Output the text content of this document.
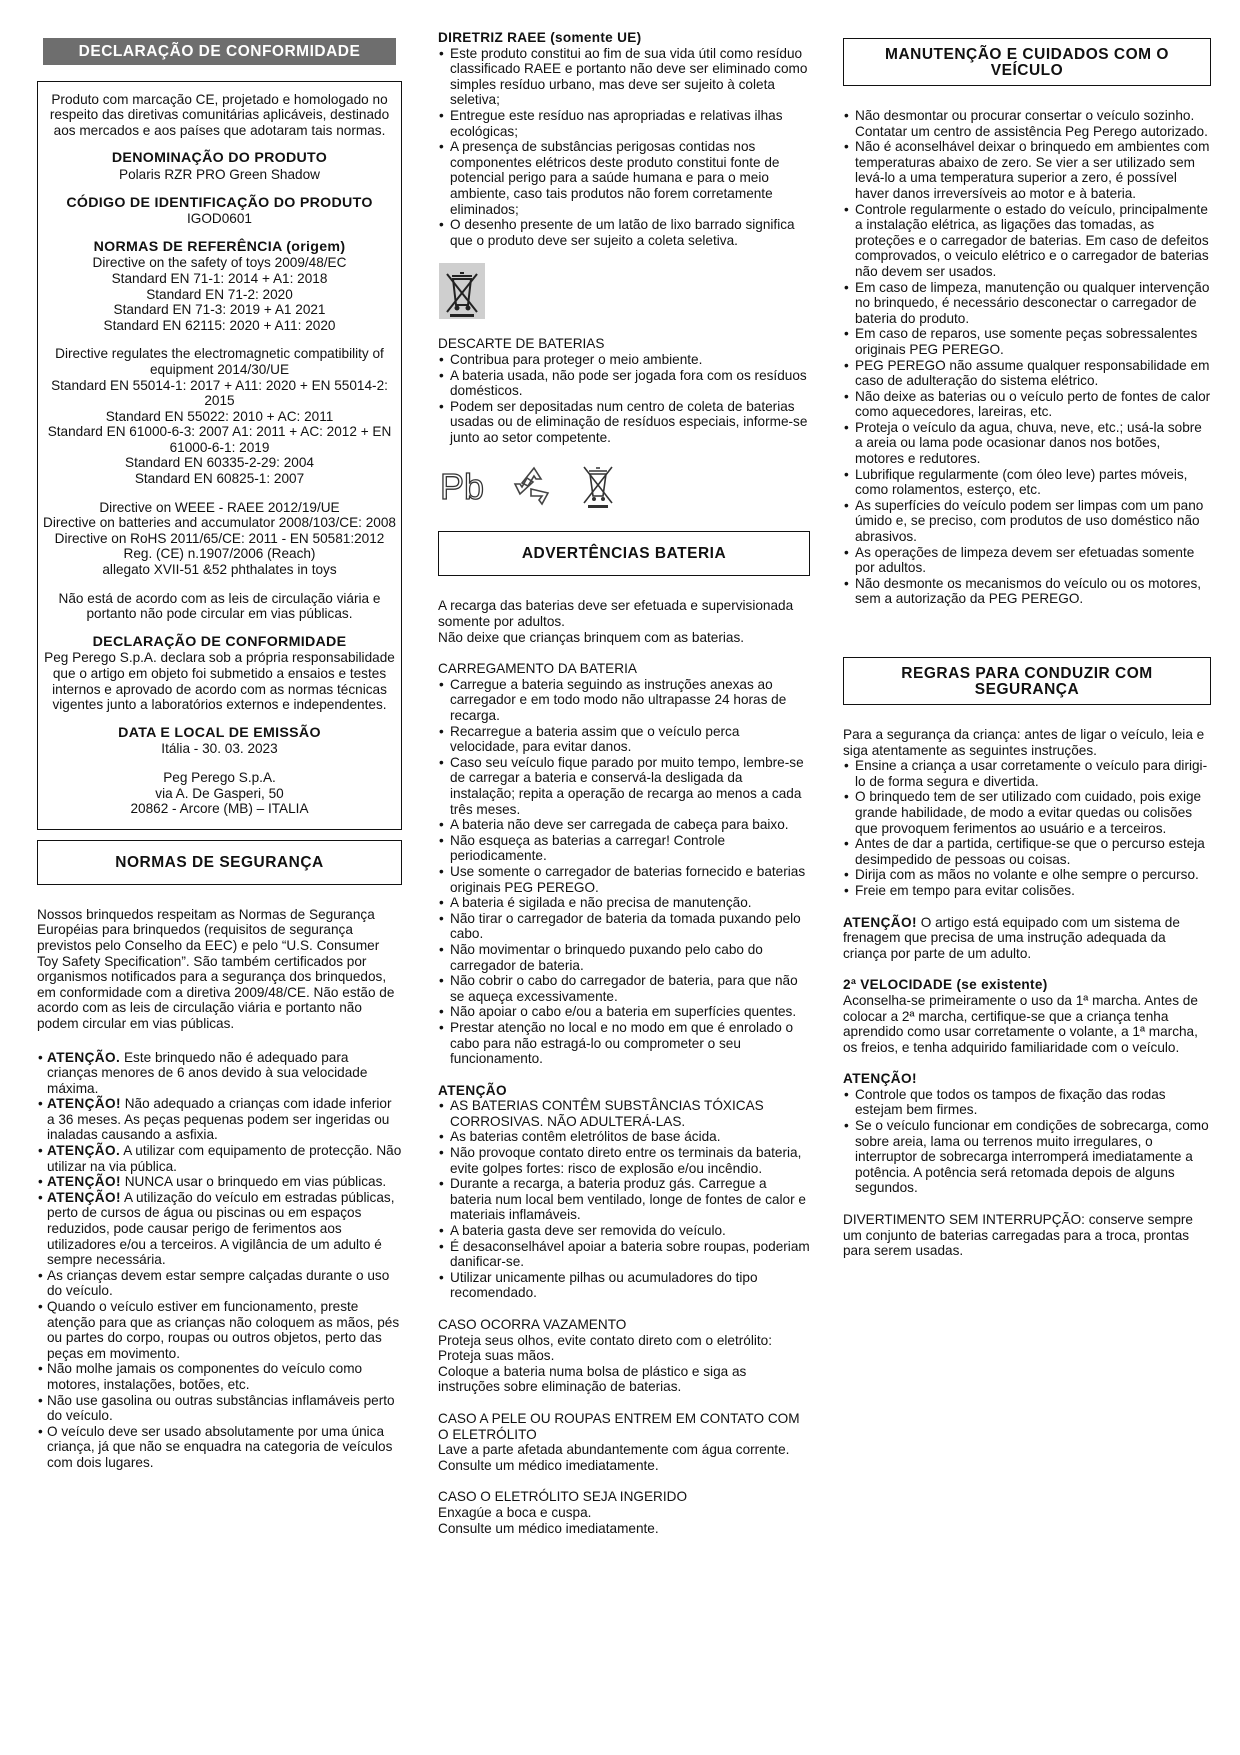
DECLARAÇÃO DE CONFORMIDADE

Produto com marcação CE, projetado e homologado no respeito das diretivas comunitárias aplicáveis, destinado aos mercados e aos países que adotaram tais normas.

DENOMINAÇÃO DO PRODUTO

Polaris RZR PRO Green Shadow

CÓDIGO DE IDENTIFICAÇÃO DO PRODUTO

IGOD0601

NORMAS DE REFERÊNCIA (origem)

Directive on the safety of toys 2009/48/EC

Standard EN 71-1: 2014 + A1: 2018

Standard EN 71-2: 2020

Standard EN 71-3: 2019 + A1 2021

Standard EN 62115: 2020 + A11: 2020

Directive regulates the electromagnetic compatibility of equipment 2014/30/UE

Standard EN 55014-1: 2017 + A11: 2020 + EN 55014-2: 2015

Standard EN 55022: 2010 + AC: 2011

Standard EN 61000-6-3: 2007 A1: 2011 + AC: 2012 + EN 61000-6-1: 2019

Standard EN 60335-2-29: 2004

Standard EN 60825-1: 2007

Directive on WEEE - RAEE 2012/19/UE

Directive on batteries and accumulator 2008/103/CE: 2008

Directive on RoHS 2011/65/CE: 2011 - EN 50581:2012

Reg. (CE) n.1907/2006 (Reach)

allegato XVII-51 &52 phthalates in toys

Não está de acordo com as leis de circulação viária e portanto não pode circular em vias públicas.

DECLARAÇÃO DE CONFORMIDADE

Peg Perego S.p.A. declara sob a própria responsabilidade que o artigo em objeto foi submetido a ensaios e testes internos e aprovado de acordo com as normas técnicas vigentes junto a laboratórios externos e independentes.

DATA E LOCAL DE EMISSÃO

Itália - 30. 03. 2023

Peg Perego S.p.A.

via A. De Gasperi, 50

20862 - Arcore (MB) – ITALIA

NORMAS DE SEGURANÇA

Nossos brinquedos respeitam as Normas de Segurança Européias para brinquedos (requisitos de segurança previstos pelo Conselho da EEC) e pelo “U.S. Consumer Toy Safety Specification”. São também certificados por organismos notificados para a segurança dos brinquedos, em conformidade com a diretiva 2009/48/CE. Não estão de acordo com as leis de circulação viária e portanto não podem circular em vias públicas.

• ATENÇÃO. Este brinquedo não é adequado para crianças menores de 6 anos devido à sua velocidade máxima.
• ATENÇÃO! Não adequado a crianças com idade inferior a 36 meses. As peças pequenas podem ser ingeridas ou inaladas causando a asfixia.
• ATENÇÃO. A utilizar com equipamento de protecção. Não utilizar na via pública.
• ATENÇÃO! NUNCA usar o brinquedo em vias públicas.
• ATENÇÃO! A utilização do veículo em estradas públicas, perto de cursos de água ou piscinas ou em espaços reduzidos, pode causar perigo de ferimentos aos utilizadores e/ou a terceiros. A vigilância de um adulto é sempre necessária.
• As crianças devem estar sempre calçadas durante o uso do veículo.
• Quando o veículo estiver em funcionamento, preste atenção para que as crianças não coloquem as mãos, pés ou partes do corpo, roupas ou outros objetos, perto das peças em movimento.
• Não molhe jamais os componentes do veículo como motores, instalações, botões, etc.
• Não use gasolina ou outras substâncias inflamáveis perto do veículo.
• O veículo deve ser usado absolutamente por uma única criança, já que não se enquadra na categoria de veículos com dois lugares.

DIRETRIZ RAEE (somente UE)

• Este produto constitui ao fim de sua vida útil como resíduo classificado RAEE e portanto não deve ser eliminado como simples resíduo urbano, mas deve ser sujeito à coleta seletiva;
• Entregue este resíduo nas apropriadas e relativas ilhas ecológicas;
• A presença de substâncias perigosas contidas nos componentes elétricos deste produto constitui fonte de potencial perigo para a saúde humana e para o meio ambiente, caso tais produtos não forem corretamente eliminados;
• O desenho presente de um latão de lixo barrado significa que o produto deve ser sujeito a coleta seletiva.

DESCARTE DE BATERIAS

• Contribua para proteger o meio ambiente.
• A bateria usada, não pode ser jogada fora com os resíduos domésticos.
• Podem ser depositadas num centro de coleta de baterias usadas ou de eliminação de resíduos especiais, informe-se junto ao setor competente.
Pb
ADVERTÊNCIAS BATERIA

A recarga das baterias deve ser efetuada e supervisionada somente por adultos.

Não deixe que crianças brinquem com as baterias.

CARREGAMENTO DA BATERIA

• Carregue a bateria seguindo as instruções anexas ao carregador e em todo modo não ultrapasse 24 horas de recarga.
• Recarregue a bateria assim que o veículo perca velocidade, para evitar danos.
• Caso seu veículo fique parado por muito tempo, lembre-se de carregar a bateria e conservá-la desligada da instalação; repita a operação de recarga ao menos a cada três meses.
• A bateria não deve ser carregada de cabeça para baixo.
• Não esqueça as baterias a carregar! Controle periodicamente.
• Use somente o carregador de baterias fornecido e baterias originais PEG PEREGO.
• A bateria é sigilada e não precisa de manutenção.
• Não tirar o carregador de bateria da tomada puxando pelo cabo.
• Não movimentar o brinquedo puxando pelo cabo do carregador de bateria.
• Não cobrir o cabo do carregador de bateria, para que não se aqueça excessivamente.
• Não apoiar o cabo e/ou a bateria em superfícies quentes.
• Prestar atenção no local e no modo em que é enrolado o cabo para não estragá-lo ou comprometer o seu funcionamento.

ATENÇÃO

• AS BATERIAS CONTÊM SUBSTÂNCIAS TÓXICAS CORROSIVAS. NÃO ADULTERÁ-LAS.
• As baterias contêm eletrólitos de base ácida.
• Não provoque contato direto entre os terminais da bateria, evite golpes fortes: risco de explosão e/ou incêndio.
• Durante a recarga, a bateria produz gás. Carregue a bateria num local bem ventilado, longe de fontes de calor e materiais inflamáveis.
• A bateria gasta deve ser removida do veículo.
• É desaconselhável apoiar a bateria sobre roupas, poderiam danificar-se.
• Utilizar unicamente pilhas ou acumuladores do tipo recomendado.

CASO OCORRA VAZAMENTO

Proteja seus olhos, evite contato direto com o eletrólito: Proteja suas mãos.

Coloque a bateria numa bolsa de plástico e siga as instruções sobre eliminação de baterias.

CASO A PELE OU ROUPAS ENTREM EM CONTATO COM O ELETRÓLITO

Lave a parte afetada abundantemente com água corrente.

Consulte um médico imediatamente.

CASO O ELETRÓLITO SEJA INGERIDO

Enxagúe a boca e cuspa.

Consulte um médico imediatamente.

MANUTENÇÃO E CUIDADOS COM O VEÍCULO
• Não desmontar ou procurar consertar o veículo sozinho. Contatar um centro de assistência Peg Perego autorizado.
• Não é aconselhável deixar o brinquedo em ambientes com temperaturas abaixo de zero. Se vier a ser utilizado sem levá-lo a uma temperatura superior a zero, é possível haver danos irreversíveis ao motor e à bateria.
• Controle regularmente o estado do veículo, principalmente a instalação elétrica, as ligações das tomadas, as proteções e o carregador de baterias. Em caso de defeitos comprovados, o veiculo elétrico e o carregador de baterias não devem ser usados.
• Em caso de limpeza, manutenção ou qualquer intervenção no brinquedo, é necessário desconectar o carregador de bateria do produto.
• Em caso de reparos, use somente peças sobressalentes originais PEG PEREGO.
• PEG PEREGO não assume qualquer responsabilidade em caso de adulteração do sistema elétrico.
• Não deixe as baterias ou o veículo perto de fontes de calor como aquecedores, lareiras, etc.
• Proteja o veículo da agua, chuva, neve, etc.; usá-la sobre a areia ou lama pode ocasionar danos nos botões, motores e redutores.
• Lubrifique regularmente (com óleo leve) partes móveis, como rolamentos, esterço, etc.
• As superfícies do veículo podem ser limpas com um pano úmido e, se preciso, com produtos de uso doméstico não abrasivos.
• As operações de limpeza devem ser efetuadas somente por adultos.
• Não desmonte os mecanismos do veículo ou os motores, sem a autorização da PEG PEREGO.
REGRAS PARA CONDUZIR COM SEGURANÇA

Para a segurança da criança: antes de ligar o veículo, leia e siga atentamente as seguintes instruções.

• Ensine a criança a usar corretamente o veículo para dirigi-lo de forma segura e divertida.
• O brinquedo tem de ser utilizado com cuidado, pois exige grande habilidade, de modo a evitar quedas ou colisões que provoquem ferimentos ao usuário e a terceiros.
• Antes de dar a partida, certifique-se que o percurso esteja desimpedido de pessoas ou coisas.
• Dirija com as mãos no volante e olhe sempre o percurso.
• Freie em tempo para evitar colisões.

ATENÇÃO! O artigo está equipado com um sistema de frenagem que precisa de uma instrução adequada da criança por parte de um adulto.

2ª VELOCIDADE (se existente)

Aconselha-se primeiramente o uso da 1ª marcha. Antes de colocar a 2ª marcha, certifique-se que a criança tenha aprendido como usar corretamente o volante, a 1ª marcha, os freios, e tenha adquirido familiaridade com o veículo.

ATENÇÃO!

• Controle que todos os tampos de fixação das rodas estejam bem firmes.
• Se o veículo funcionar em condições de sobrecarga, como sobre areia, lama ou terrenos muito irregulares, o interruptor de sobrecarga interromperá imediatamente a potência. A potência será retomada depois de alguns segundos.

DIVERTIMENTO SEM INTERRUPÇÃO: conserve sempre um conjunto de baterias carregadas para a troca, prontas para serem usadas.
